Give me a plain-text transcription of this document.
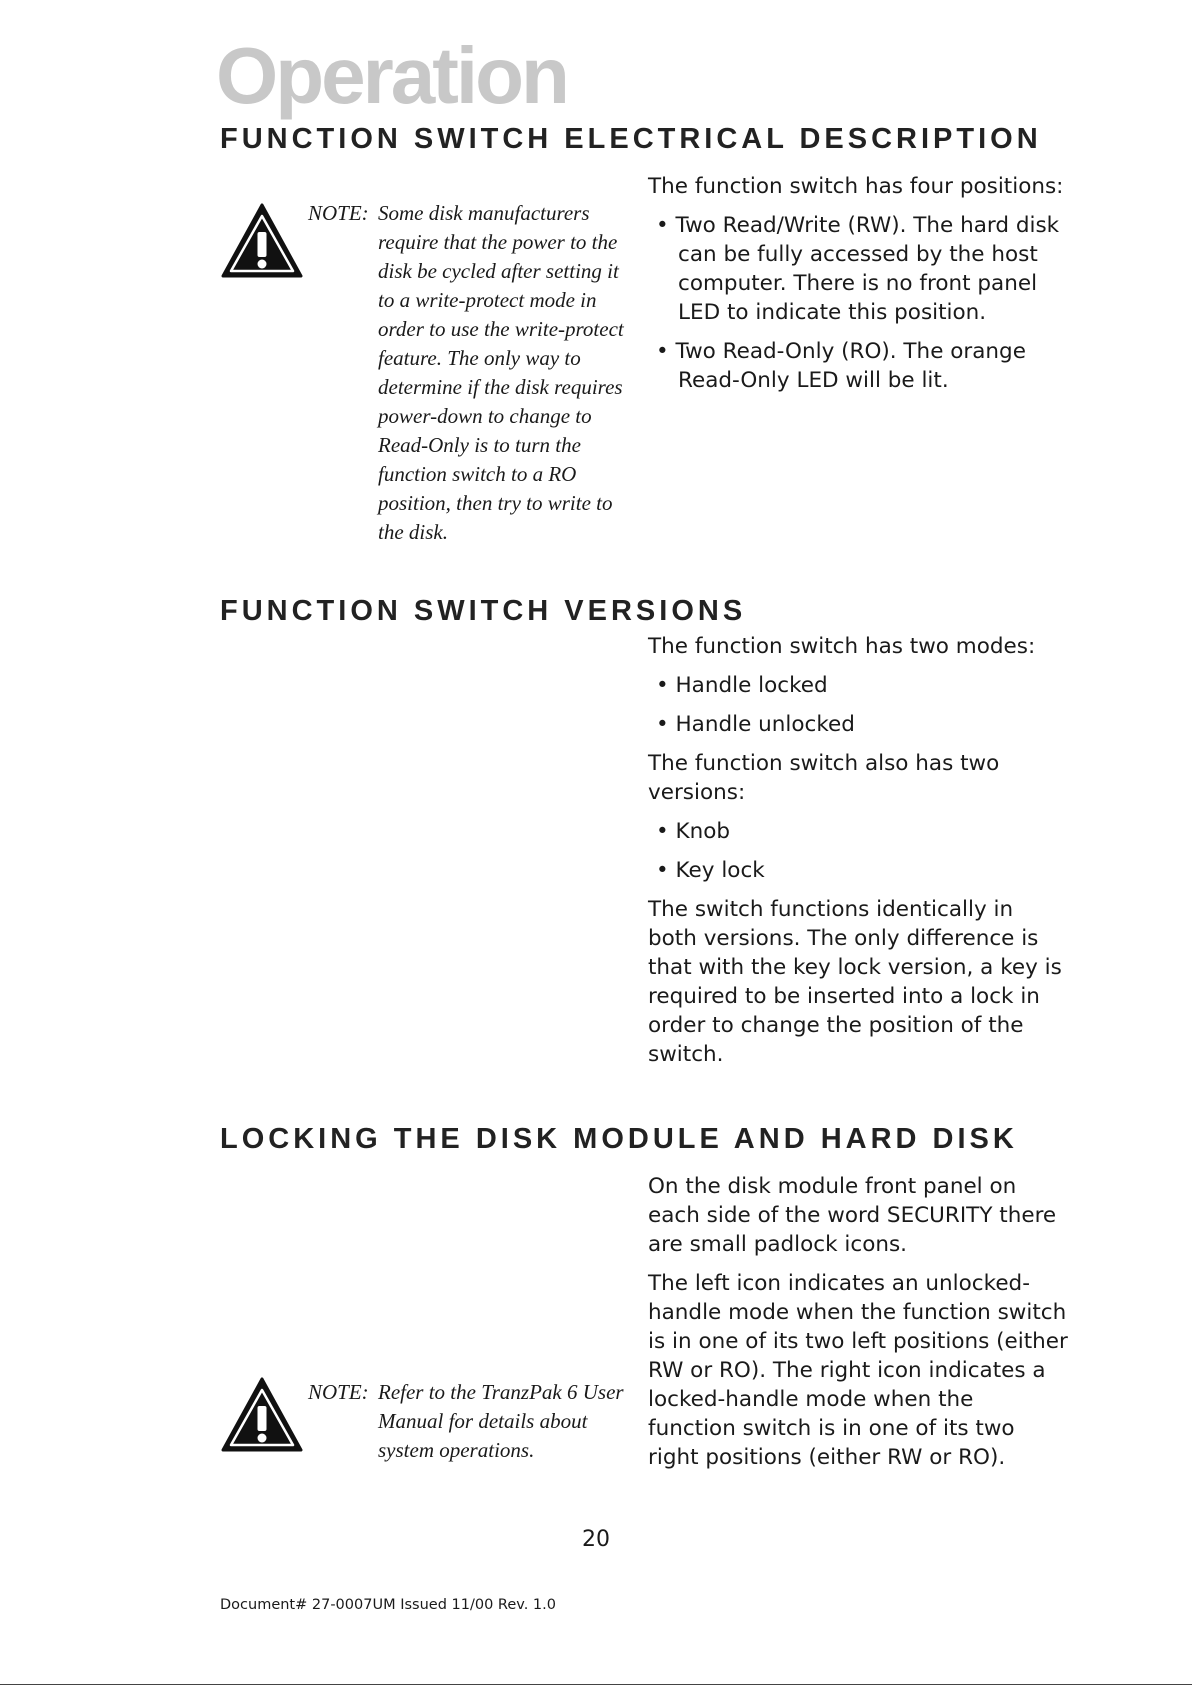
Operation
FUNCTION SWITCH ELECTRICAL DESCRIPTION

The function switch has four positions:

• Two Read/Write (RW). The hard disk can be fully accessed by the host computer. There is no front panel LED to indicate this position.

• Two Read-Only (RO). The orange Read-Only LED will be lit.

NOTE: Some disk manufacturers require that the power to the disk be cycled after setting it to a write-protect mode in order to use the write-protect feature. The only way to determine if the disk requires power-down to change to Read-Only is to turn the function switch to a RO position, then try to write to the disk.
FUNCTION SWITCH VERSIONS

The function switch has two modes:

• Handle locked

• Handle unlocked

The function switch also has two versions:

• Knob

• Key lock

The switch functions identically in both versions. The only difference is that with the key lock version, a key is required to be inserted into a lock in order to change the position of the switch.

LOCKING THE DISK MODULE AND HARD DISK

On the disk module front panel on each side of the word SECURITY there are small padlock icons.

The left icon indicates an unlocked-handle mode when the function switch is in one of its two left positions (either RW or RO). The right icon indicates a locked-handle mode when the function switch is in one of its two right positions (either RW or RO).

NOTE: Refer to the TranzPak 6 User Manual for details about system operations.
20
Document# 27-0007UM Issued 11/00 Rev. 1.0
